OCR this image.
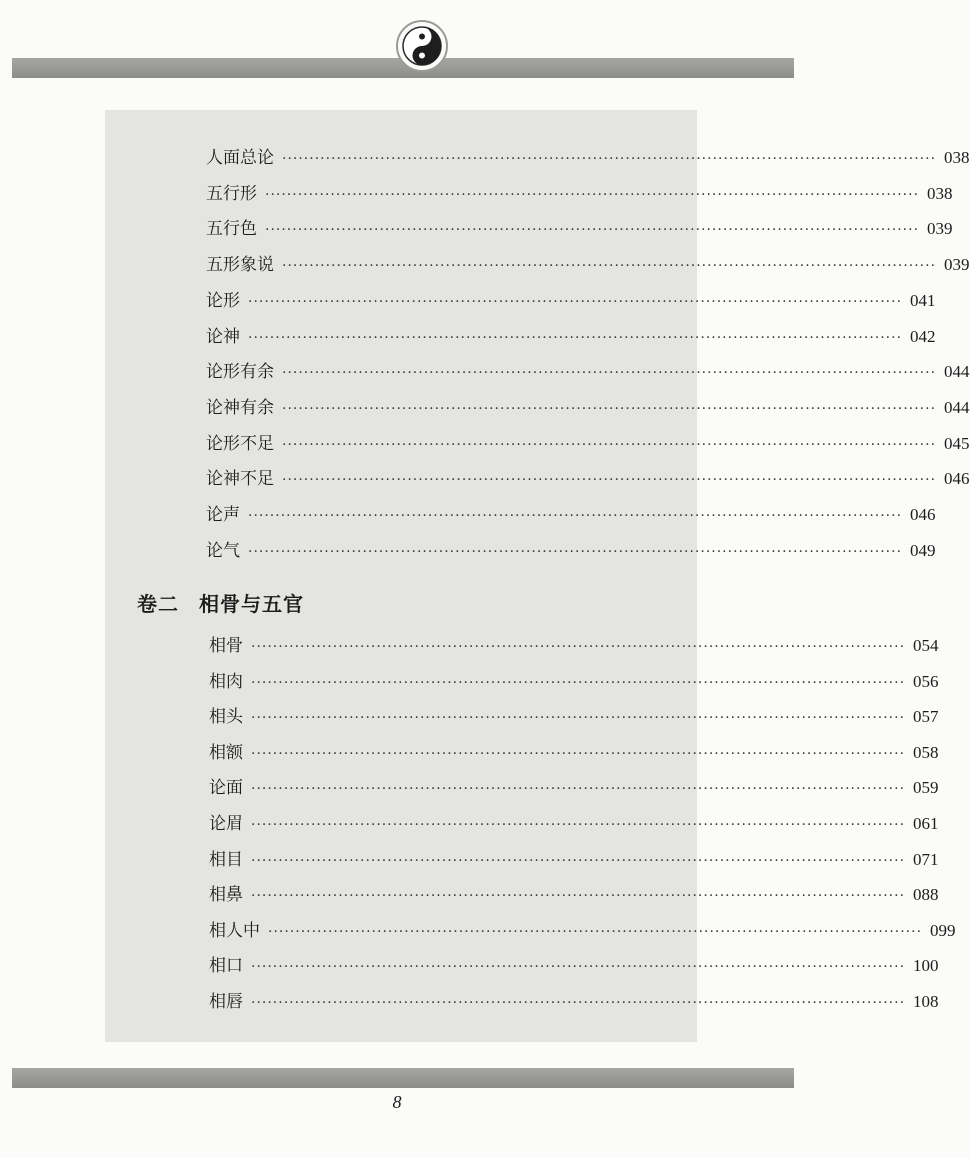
人面总论 ························································································································ 038
五行形 ························································································································ 038
五行色 ························································································································ 039
五形象说 ························································································································ 039
论形 ························································································································ 041
论神 ························································································································ 042
论形有余 ························································································································ 044
论神有余 ························································································································ 044
论形不足 ························································································································ 045
论神不足 ························································································································ 046
论声 ························································································································ 046
论气 ························································································································ 049
卷二 相骨与五官
相骨 ························································································································ 054
相肉 ························································································································ 056
相头 ························································································································ 057
相额 ························································································································ 058
论面 ························································································································ 059
论眉 ························································································································ 061
相目 ························································································································ 071
相鼻 ························································································································ 088
相人中 ························································································································ 099
相口 ························································································································ 100
相唇 ························································································································ 108
8
